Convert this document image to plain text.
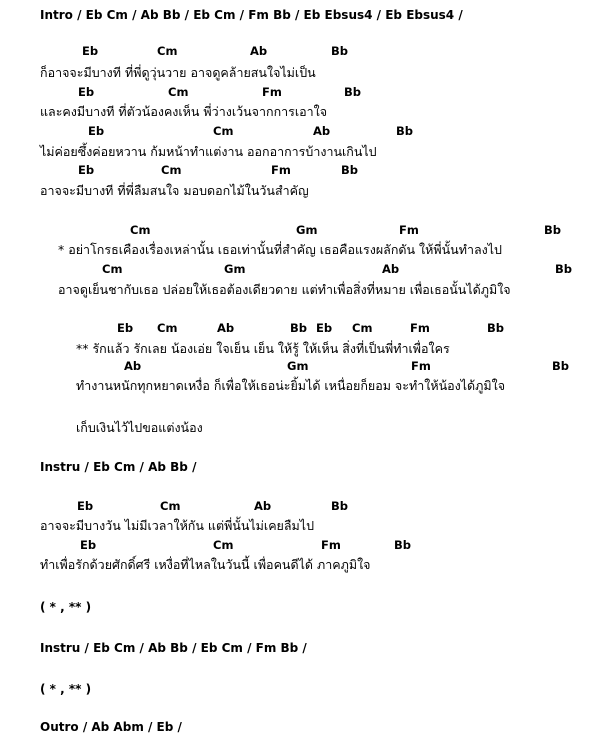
Intro / Eb Cm / Ab Bb / Eb Cm / Fm Bb / Eb Ebsus4 / Eb Ebsus4 /
Eb	Cm	Ab	Bb
ก็อาจจะมีบางที ที่พี่ดูวุ่นวาย อาจดูคล้ายสนใจไม่เป็น
Eb	Cm	Fm	Bb
และคงมีบางที ที่ตัวน้องคงเห็น พี่ว่างเว้นจากการเอาใจ
Eb	Cm	Ab	Bb
ไม่ค่อยซึ้งค่อยหวาน ก้มหน้าทำแต่งาน ออกอาการบ้างานเกินไป
Eb	Cm	Fm	Bb
อาจจะมีบางที ที่พี่ลืมสนใจ มอบดอกไม้ในวันสำคัญ
Cm	Gm	Fm	Bb
* อย่าโกรธเคืองเรื่องเหล่านั้น เธอเท่านั้นที่สำคัญ เธอคือแรงผลักดัน ให้พี่นั้นทำลงไป
Cm	Gm	Ab	Bb
อาจดูเย็นชากับเธอ ปล่อยให้เธอต้องเดียวดาย แต่ทำเพื่อสิ่งที่หมาย เพื่อเธอนั้นได้ภูมิใจ
Eb Cm	Ab	Bb Eb Cm	Fm	Bb
** รักแล้ว รักเลย น้องเอ่ย ใจเย็น เย็น ให้รู้ ให้เห็น สิ่งที่เป็นพี่ทำเพื่อใคร
Ab	Gm	Fm	Bb
ทำงานหนักทุกหยาดเหงื่อ ก็เพื่อให้เธอน่ะยิ้มได้ เหนื่อยก็ยอม จะทำให้น้องได้ภูมิใจ
เก็บเงินไว้ไปขอแต่งน้อง
Instru / Eb Cm / Ab Bb /
Eb	Cm	Ab	Bb
อาจจะมีบางวัน ไม่มีเวลาให้กัน แต่พี่นั้นไม่เคยลืมไป
Eb	Cm	Fm	Bb
ทำเพื่อรักด้วยศักดิ์ศรี เหงื่อที่ไหลในวันนี้ เพื่อคนดีได้ ภาคภูมิใจ
( * , ** )
Instru / Eb Cm / Ab Bb / Eb Cm / Fm Bb /
( * , ** )
Outro / Ab Abm / Eb /
